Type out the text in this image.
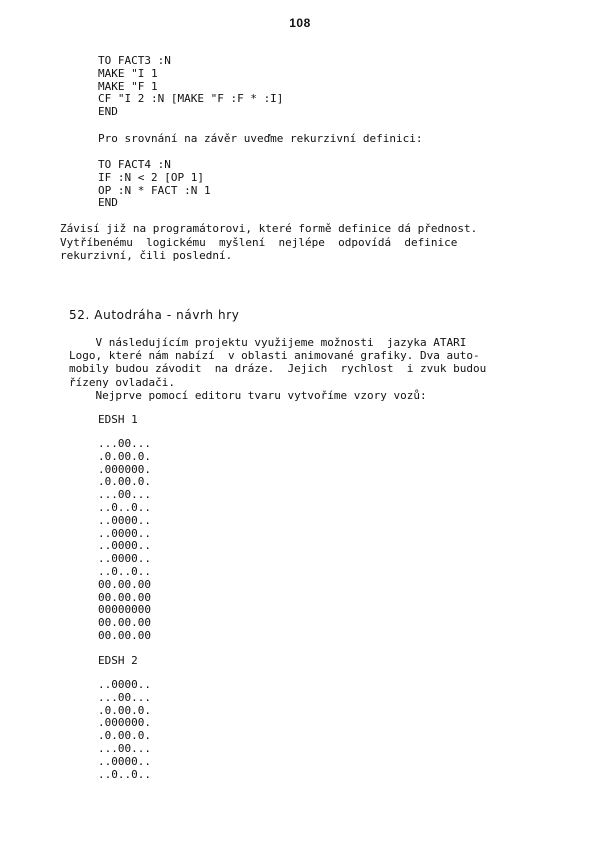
108
TO FACT3 :N
MAKE "I 1
MAKE "F 1
CF "I 2 :N [MAKE "F :F * :I]
END
Pro srovnání na závěr uveďme rekurzivní definici:
TO FACT4 :N
IF :N < 2 [OP 1]
OP :N * FACT :N 1
END
Závisí již na programátorovi, které formě definice dá přednost.
Vytříbenému  logickému  myšlení  nejlépe  odpovídá  definice
rekurzivní, čili poslední.
52. Autodráha - návrh hry
V následujícím projektu využijeme možnosti  jazyka ATARI
Logo, které nám nabízí  v oblasti animované grafiky. Dva auto-
mobily budou závodit  na dráze.  Jejich  rychlost  i zvuk budou
řízeny ovladači.
Nejprve pomocí editoru tvaru vytvoříme vzory vozů:
EDSH 1
...00...
.0.00.0.
.000000.
.0.00.0.
...00...
..0..0..
..0000..
..0000..
..0000..
..0000..
..0..0..
00.00.00
00.00.00
00000000
00.00.00
00.00.00
EDSH 2
..0000..
...00...
.0.00.0.
.000000.
.0.00.0.
...00...
..0000..
..0..0..
